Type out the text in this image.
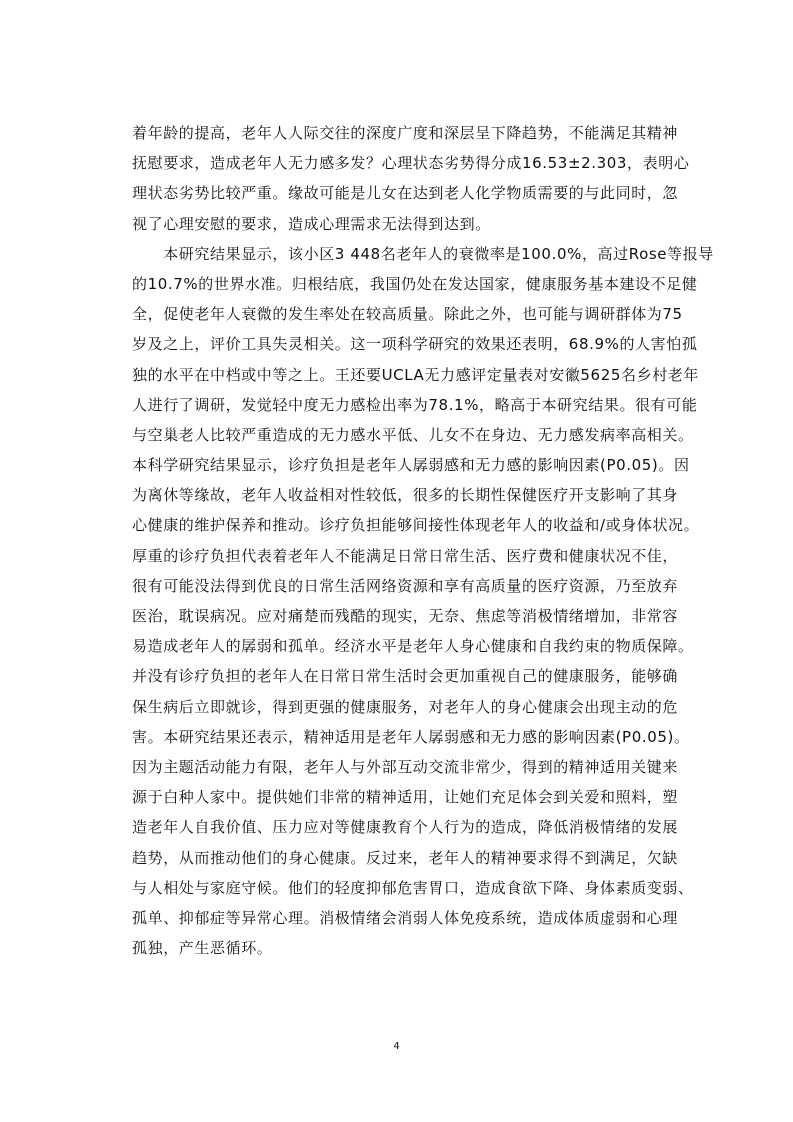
着年龄的提高，老年人人际交往的深度广度和深层呈下降趋势，不能满足其精神
抚慰要求，造成老年人无力感多发？心理状态劣势得分成16.53±2.303，表明心
理状态劣势比较严重。缘故可能是儿女在达到老人化学物质需要的与此同时，忽
视了心理安慰的要求，造成心理需求无法得到达到。
　　本研究结果显示，该小区3 448名老年人的衰微率是100.0%，高过Rose等报导
的10.7%的世界水准。归根结底，我国仍处在发达国家，健康服务基本建设不足健
全，促使老年人衰微的发生率处在较高质量。除此之外，也可能与调研群体为75
岁及之上，评价工具失灵相关。这一项科学研究的效果还表明，68.9%的人害怕孤
独的水平在中档或中等之上。王还要UCLA无力感评定量表对安徽5625名乡村老年
人进行了调研，发觉轻中度无力感检出率为78.1%，略高于本研究结果。很有可能
与空巢老人比较严重造成的无力感水平低、儿女不在身边、无力感发病率高相关。
本科学研究结果显示，诊疗负担是老年人孱弱感和无力感的影响因素(P0.05)。因
为离休等缘故，老年人收益相对性较低，很多的长期性保健医疗开支影响了其身
心健康的维护保养和推动。诊疗负担能够间接性体现老年人的收益和/或身体状况。
厚重的诊疗负担代表着老年人不能满足日常日常生活、医疗费和健康状况不佳，
很有可能没法得到优良的日常生活网络资源和享有高质量的医疗资源，乃至放弃
医治，耽误病况。应对痛楚而残酷的现实，无奈、焦虑等消极情绪增加，非常容
易造成老年人的孱弱和孤单。经济水平是老年人身心健康和自我约束的物质保障。
并没有诊疗负担的老年人在日常日常生活时会更加重视自己的健康服务，能够确
保生病后立即就诊，得到更强的健康服务，对老年人的身心健康会出现主动的危
害。本研究结果还表示，精神适用是老年人孱弱感和无力感的影响因素(P0.05)。
因为主题活动能力有限，老年人与外部互动交流非常少，得到的精神适用关键来
源于白种人家中。提供她们非常的精神适用，让她们充足体会到关爱和照料，塑
造老年人自我价值、压力应对等健康教育个人行为的造成，降低消极情绪的发展
趋势，从而推动他们的身心健康。反过来，老年人的精神要求得不到满足，欠缺
与人相处与家庭守候。他们的轻度抑郁危害胃口，造成食欲下降、身体素质变弱、
孤单、抑郁症等异常心理。消极情绪会消弱人体免疫系统，造成体质虚弱和心理
孤独，产生恶循环。
4
